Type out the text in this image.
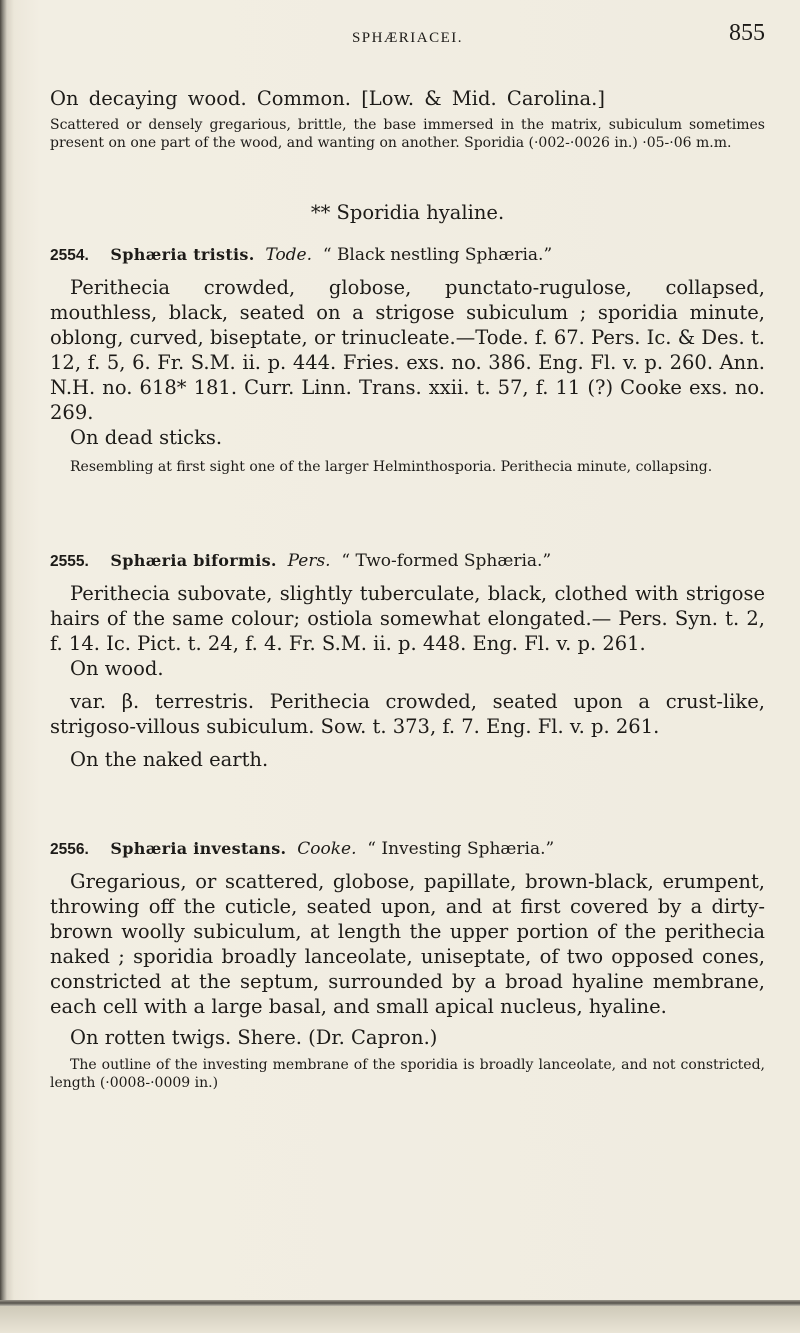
SPHÆRIACEI.	855

On decaying wood. Common. [Low. & Mid. Carolina.]

Scattered or densely gregarious, brittle, the base immersed in the matrix, subiculum sometimes present on one part of the wood, and wanting on another. Sporidia (·002-·0026 in.) ·05-·06 m.m.

** Sporidia hyaline.

2554. Sphæria tristis. Tode. “ Black nestling Sphæria.”

Perithecia crowded, globose, punctato-rugulose, collapsed, mouthless, black, seated on a strigose subiculum ; sporidia minute, oblong, curved, biseptate, or trinucleate.—Tode. f. 67. Pers. Ic. & Des. t. 12, f. 5, 6. Fr. S.M. ii. p. 444. Fries. exs. no. 386. Eng. Fl. v. p. 260. Ann. N.H. no. 618* 181. Curr. Linn. Trans. xxii. t. 57, f. 11 (?) Cooke exs. no. 269.

On dead sticks.

Resembling at first sight one of the larger Helminthosporia. Perithecia minute, collapsing.

2555. Sphæria biformis. Pers. “ Two-formed Sphæria.”

Perithecia subovate, slightly tuberculate, black, clothed with strigose hairs of the same colour; ostiola somewhat elongated.— Pers. Syn. t. 2, f. 14. Ic. Pict. t. 24, f. 4. Fr. S.M. ii. p. 448. Eng. Fl. v. p. 261.

On wood.

var. β. terrestris. Perithecia crowded, seated upon a crust-like, strigoso-villous subiculum. Sow. t. 373, f. 7. Eng. Fl. v. p. 261.

On the naked earth.

2556. Sphæria investans. Cooke. “ Investing Sphæria.”

Gregarious, or scattered, globose, papillate, brown-black, erumpent, throwing off the cuticle, seated upon, and at first covered by a dirty-brown woolly subiculum, at length the upper portion of the perithecia naked ; sporidia broadly lanceolate, uniseptate, of two opposed cones, constricted at the septum, surrounded by a broad hyaline membrane, each cell with a large basal, and small apical nucleus, hyaline.

On rotten twigs. Shere. (Dr. Capron.)

The outline of the investing membrane of the sporidia is broadly lanceolate, and not constricted, length (·0008-·0009 in.)
